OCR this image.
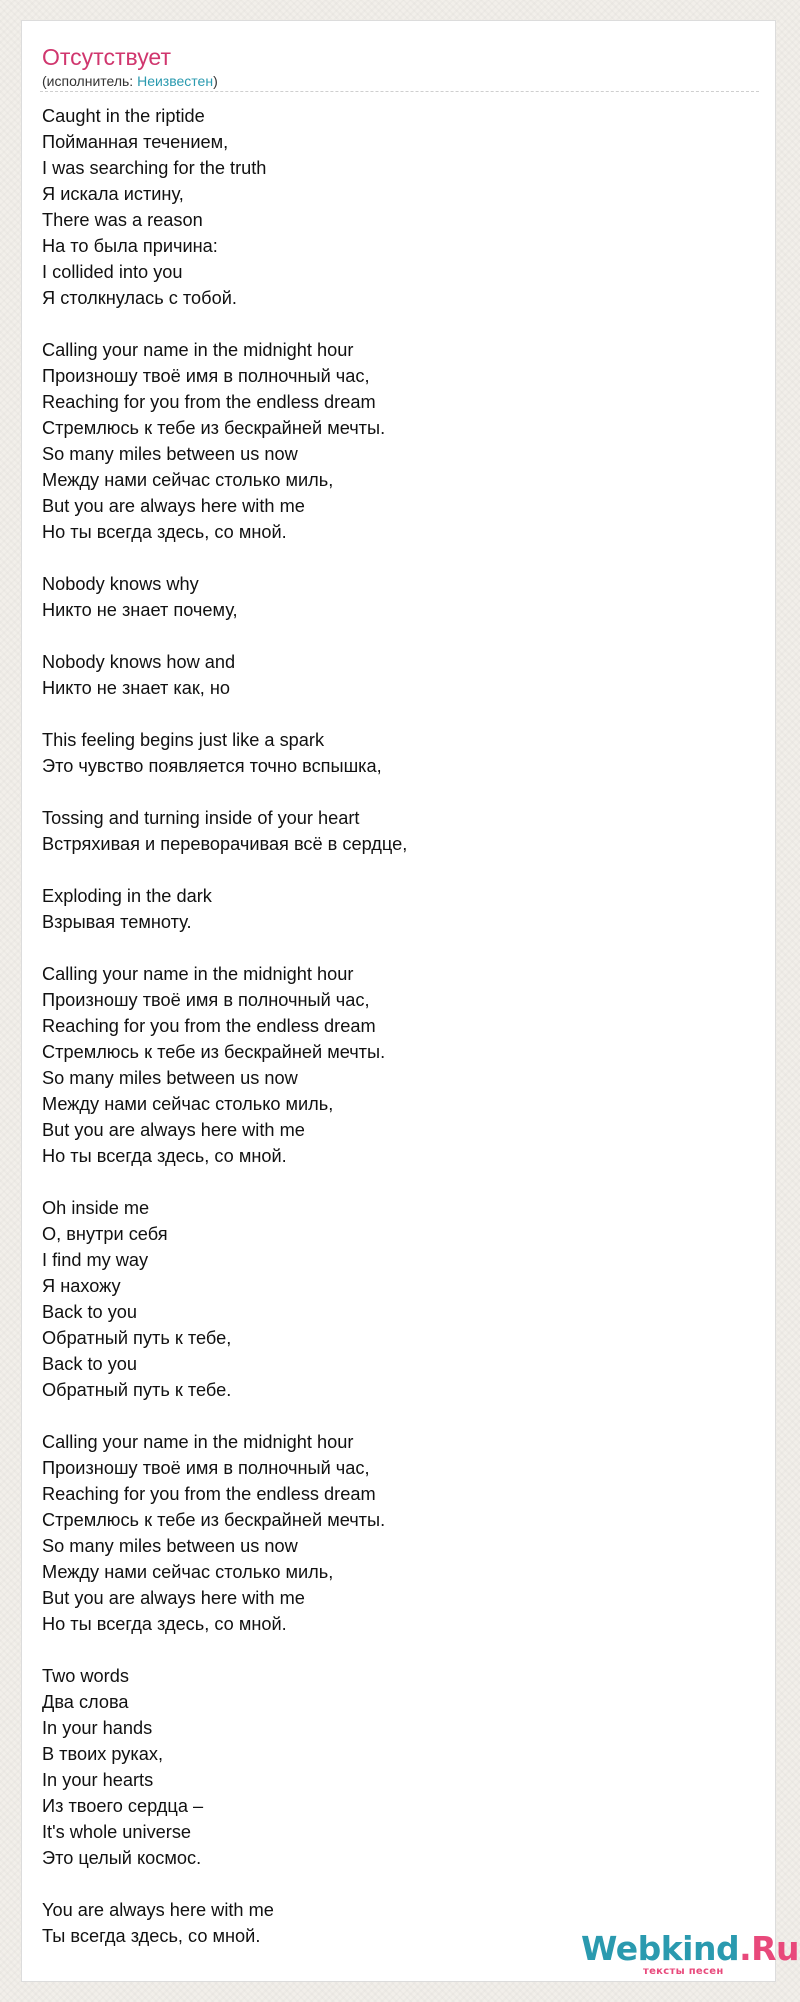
Отсутствует
(исполнитель: Неизвестен)
Caught in the riptide
Пойманная течением,
I was searching for the truth
Я искала истину,
There was a reason
На то была причина:
I collided into you
Я столкнулась с тобой.
Calling your name in the midnight hour
Произношу твоё имя в полночный час,
Reaching for you from the endless dream
Стремлюсь к тебе из бескрайней мечты.
So many miles between us now
Между нами сейчас столько миль,
But you are always here with me
Но ты всегда здесь, со мной.
Nobody knows why
Никто не знает почему,
Nobody knows how and
Никто не знает как, но
This feeling begins just like a spark
Это чувство появляется точно вспышка,
Tossing and turning inside of your heart
Встряхивая и переворачивая всё в сердце,
Exploding in the dark
Взрывая темноту.
Calling your name in the midnight hour
Произношу твоё имя в полночный час,
Reaching for you from the endless dream
Стремлюсь к тебе из бескрайней мечты.
So many miles between us now
Между нами сейчас столько миль,
But you are always here with me
Но ты всегда здесь, со мной.
Oh inside me
О, внутри себя
I find my way
Я нахожу
Back to you
Обратный путь к тебе,
Back to you
Обратный путь к тебе.
Calling your name in the midnight hour
Произношу твоё имя в полночный час,
Reaching for you from the endless dream
Стремлюсь к тебе из бескрайней мечты.
So many miles between us now
Между нами сейчас столько миль,
But you are always here with me
Но ты всегда здесь, со мной.
Two words
Два слова
In your hands
В твоих руках,
In your hearts
Из твоего сердца –
It's whole universe
Это целый космос.
You are always here with me
Ты всегда здесь, со мной.	Webkind.Ru
тексты песен
